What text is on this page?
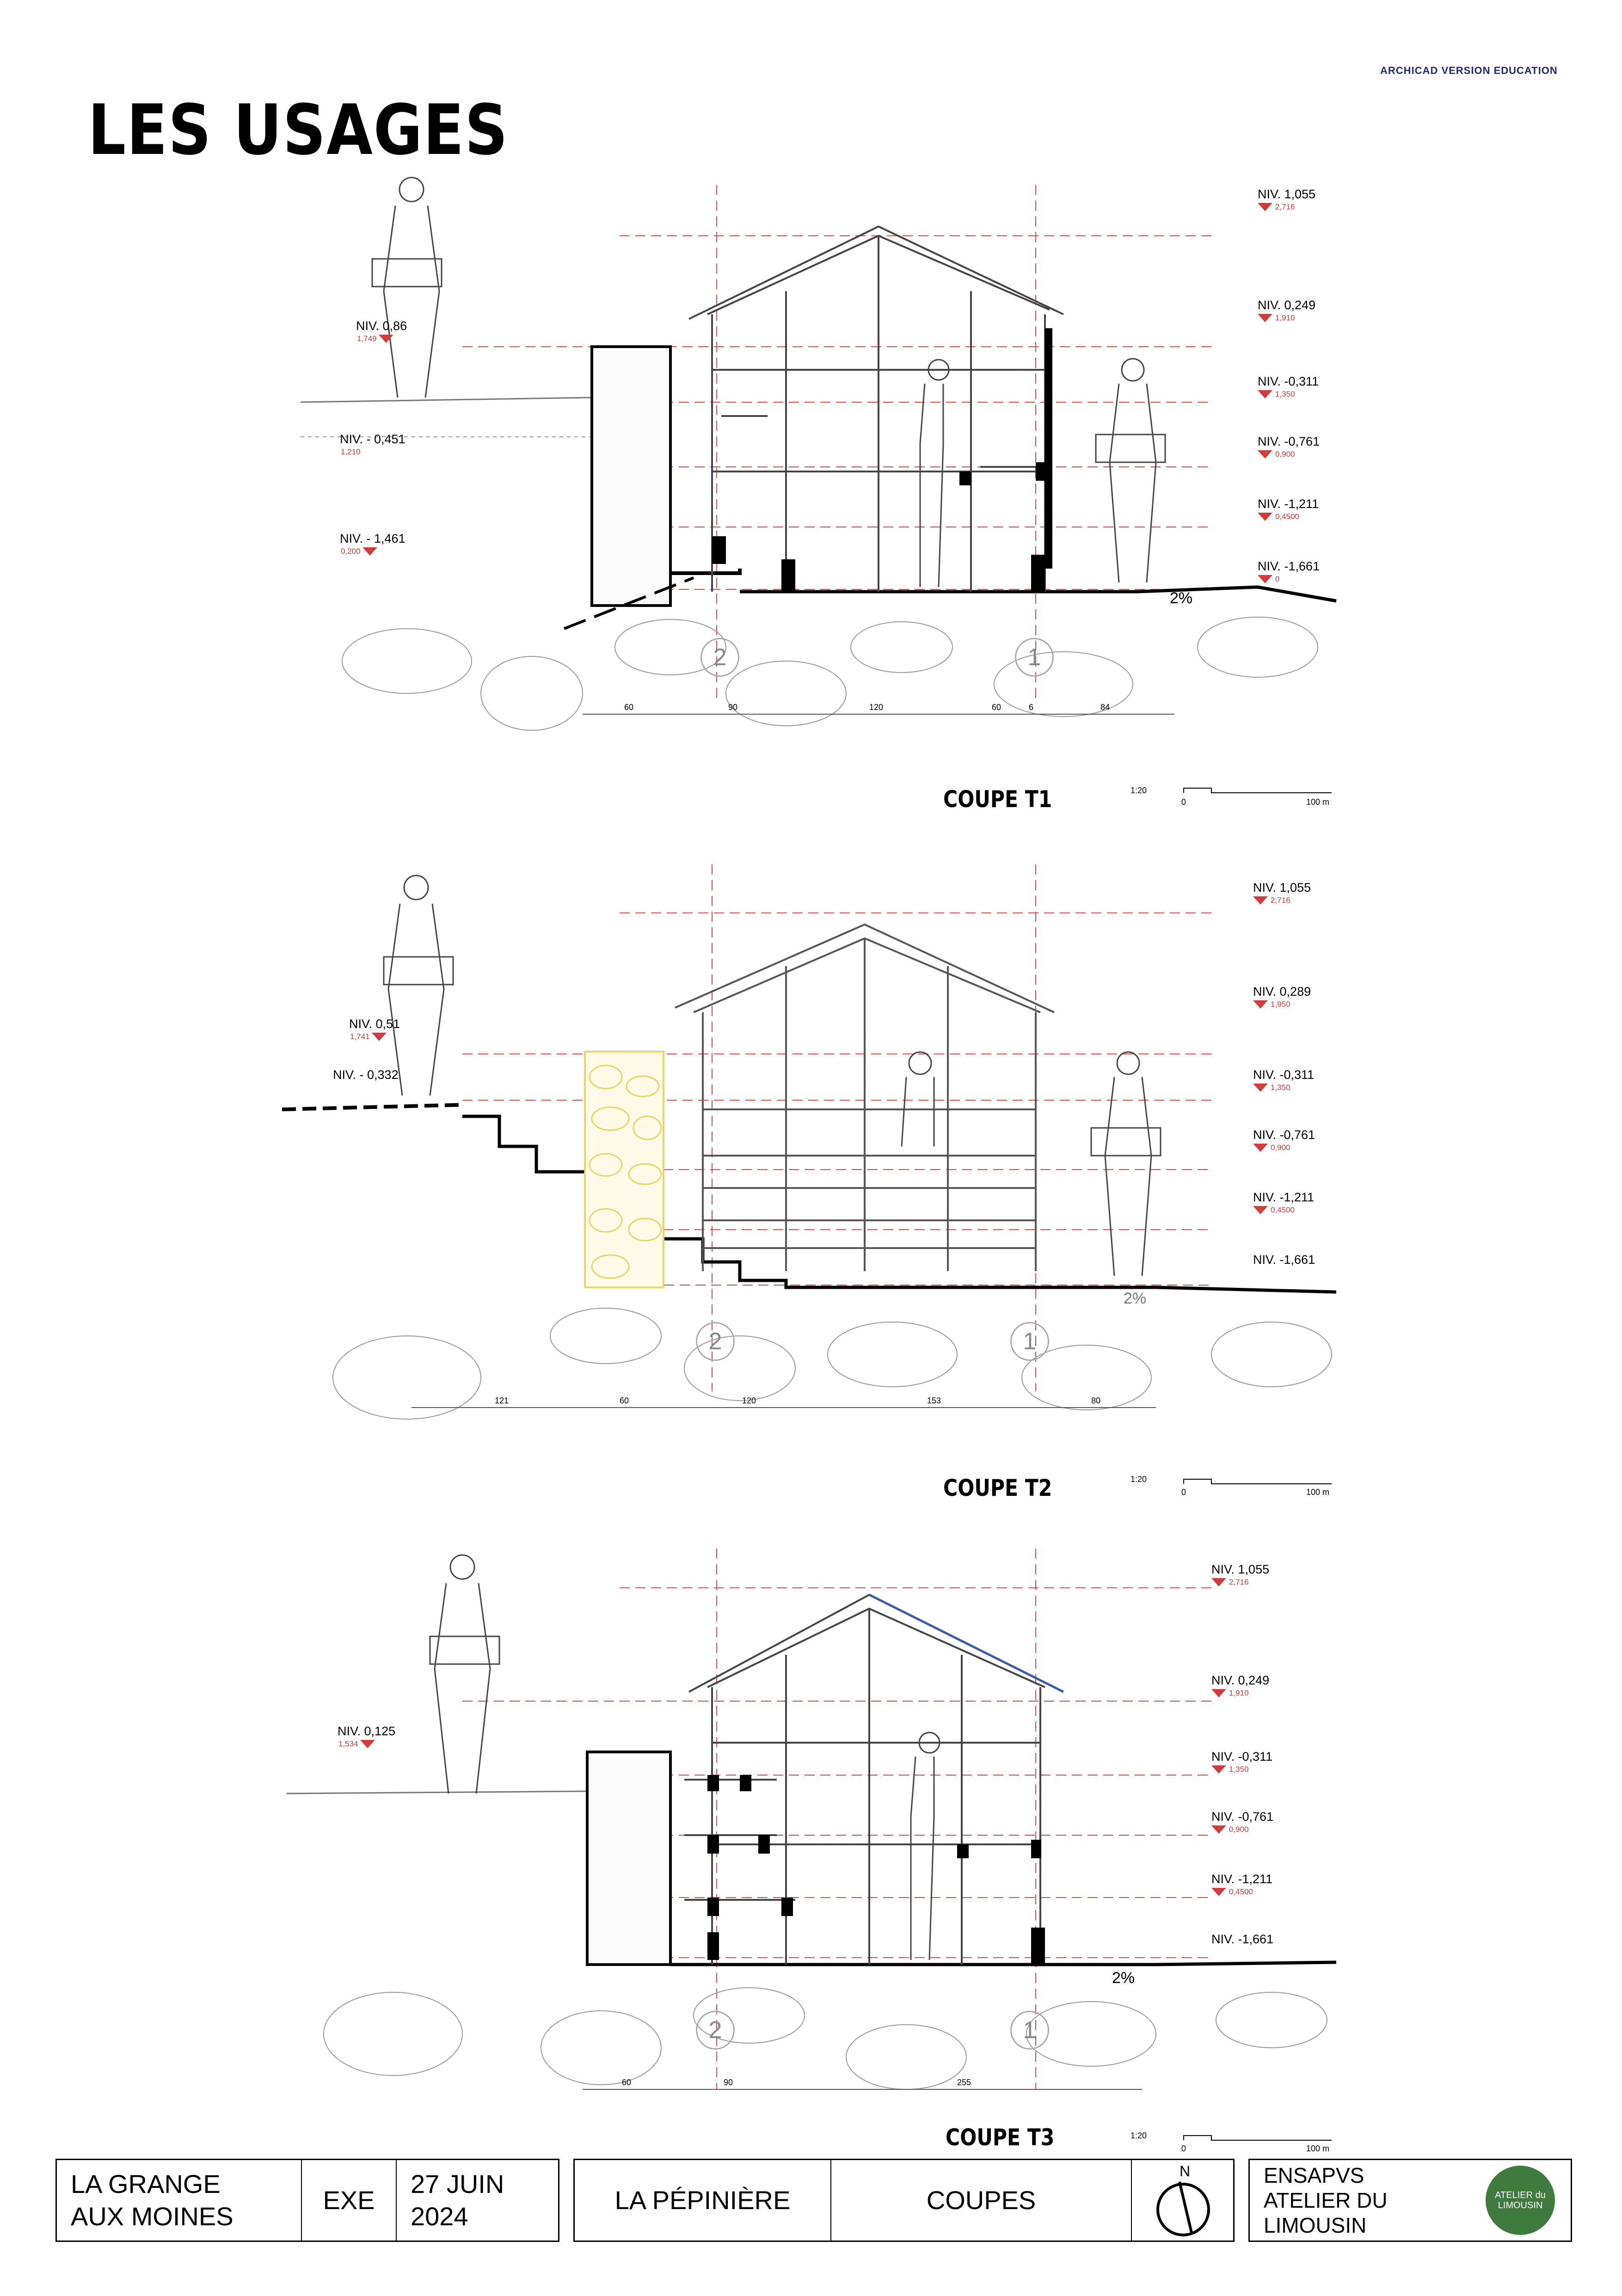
ARCHICAD VERSION EDUCATION
LES USAGES
NIV. 0,86
1,749
NIV. - 0,451
1,210
NIV. - 1,461
0,200
NIV. 1,055
2,716
NIV. 0,249
1,910
NIV. -0,311
1,350
NIV. -0,761
0,900
NIV. -1,211
0,4500
NIV. -1,661
0
2%
2	1
60	90	120	60	6	84
COUPE T1	1:20
0	100 m
NIV. 0,51
1,741
NIV. - 0,332
NIV. 1,055
2,716
NIV. 0,289
1,950
NIV. -0,311
1,350
NIV. -0,761
0,900
NIV. -1,211
0,4500
NIV. -1,661
2%
2	1
121	60	120	153	80
COUPE T2	1:20
0	100 m
NIV. 0,125
1,534
NIV. 1,055
2,716
NIV. 0,249
1,910
NIV. -0,311
1,350
NIV. -0,761
0,900
NIV. -1,211
0,4500
NIV. -1,661
2%
2	1
60	90	255
COUPE T3	1:20
0	100 m
LA GRANGE
AUX MOINES
EXE
27 JUIN
2024
LA PÉPINIÈRE	COUPES
N	ENSAPVS
ATELIER DU
LIMOUSIN
ATELIER du LIMOUSIN
